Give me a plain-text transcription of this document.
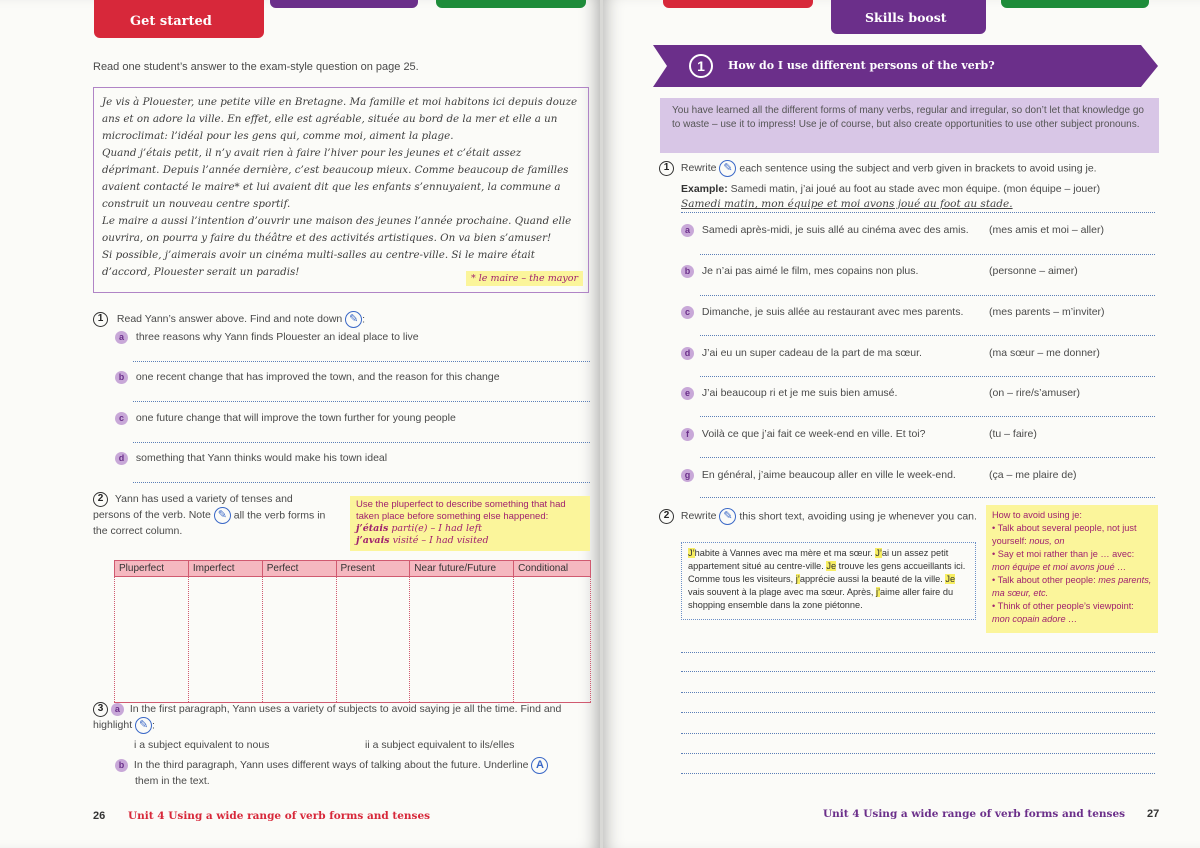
Get started
Read one student’s answer to the exam-style question on page 25.
Je vis à Plouester, une petite ville en Bretagne. Ma famille et moi habitons ici depuis douze ans et on adore la ville. En effet, elle est agréable, située au bord de la mer et elle a un microclimat: l’idéal pour les gens qui, comme moi, aiment la plage.
Quand j’étais petit, il n’y avait rien à faire l’hiver pour les jeunes et c’était assez déprimant. Depuis l’année dernière, c’est beaucoup mieux. Comme beaucoup de familles avaient contacté le maire* et lui avaient dit que les enfants s’ennuyaient, la commune a construit un nouveau centre sportif.
Le maire a aussi l’intention d’ouvrir une maison des jeunes l’année prochaine. Quand elle ouvrira, on pourra y faire du théâtre et des activités artistiques. On va bien s’amuser!
Si possible, j’aimerais avoir un cinéma multi-salles au centre-ville. Si le maire était d’accord, Plouester serait un paradis!
* le maire – the mayor
1 Read Yann’s answer above. Find and note down ✎ :
a three reasons why Yann finds Plouester an ideal place to live
b one recent change that has improved the town, and the reason for this change
c one future change that will improve the town further for young people
d something that Yann thinks would make his town ideal
2 Yann has used a variety of tenses and persons of the verb. Note ✎ all the verb forms in the correct column.
Use the pluperfect to describe something that had taken place before something else happened:
j’étais parti(e) – I had left
j’avais visité – I had visited
Pluperfect	Imperfect	Perfect	Present	Near future/Future	Conditional

3 a In the first paragraph, Yann uses a variety of subjects to avoid saying je all the time. Find and highlight ✎ :
i a subject equivalent to nous	ii a subject equivalent to ils/elles
b In the third paragraph, Yann uses different ways of talking about the future. Underline A
them in the text.
26 Unit 4 Using a wide range of verb forms and tenses
Skills boost
1	How do I use different persons of the verb?
You have learned all the different forms of many verbs, regular and irregular, so don’t let that knowledge go to waste – use it to impress! Use je of course, but also create opportunities to use other subject pronouns.
1 Rewrite ✎ each sentence using the subject and verb given in brackets to avoid using je.
Example: Samedi matin, j’ai joué au foot au stade avec mon équipe. (mon équipe – jouer)
Samedi matin, mon équipe et moi avons joué au foot au stade.
a Samedi après-midi, je suis allé au cinéma avec des amis. (mes amis et moi – aller)
b Je n’ai pas aimé le film, mes copains non plus.	(personne – aimer)
c Dimanche, je suis allée au restaurant avec mes parents. (mes parents – m’inviter)
d J’ai eu un super cadeau de la part de ma sœur.	(ma sœur – me donner)
e J’ai beaucoup ri et je me suis bien amusé.	(on – rire/s’amuser)
f Voilà ce que j’ai fait ce week-end en ville. Et toi?	(tu – faire)
g En général, j’aime beaucoup aller en ville le week-end.	(ça – me plaire de)
2 Rewrite ✎ this short text, avoiding using je whenever you can.
J’habite à Vannes avec ma mère et ma sœur. J’ai un assez petit appartement situé au centre-ville. Je trouve les gens accueillants ici. Comme tous les visiteurs, j’apprécie aussi la beauté de la ville. Je vais souvent à la plage avec ma sœur. Après, j’aime aller faire du shopping ensemble dans la zone piétonne.
How to avoid using je:
• Talk about several people, not just yourself: nous, on
• Say et moi rather than je … avec: mon équipe et moi avons joué …
• Talk about other people: mes parents, ma sœur, etc.
• Think of other people’s viewpoint: mon copain adore …
Unit 4 Using a wide range of verb forms and tenses 27
